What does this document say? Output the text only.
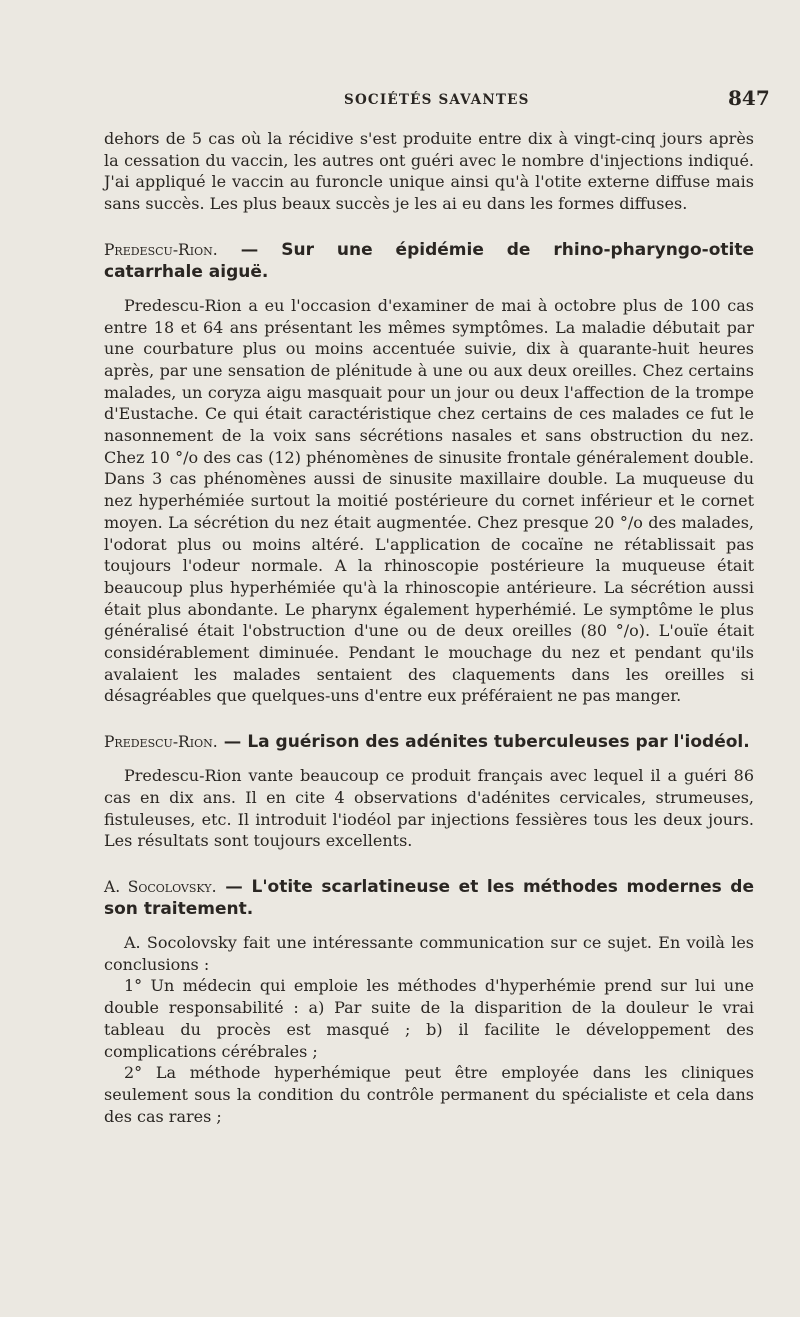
SOCIÉTÉS SAVANTES	847

dehors de 5 cas où la récidive s'est produite entre dix à vingt-cinq jours après la cessation du vaccin, les autres ont guéri avec le nombre d'injections indiqué. J'ai appliqué le vaccin au furoncle unique ainsi qu'à l'otite externe diffuse mais sans succès. Les plus beaux succès je les ai eu dans les formes diffuses.

Predescu-Rion. — Sur une épidémie de rhino-pharyngo-otite catarrhale aiguë.

Predescu-Rion a eu l'occasion d'examiner de mai à octobre plus de 100 cas entre 18 et 64 ans présentant les mêmes symptômes. La maladie débutait par une courbature plus ou moins accentuée suivie, dix à quarante-huit heures après, par une sensation de plénitude à une ou aux deux oreilles. Chez certains malades, un coryza aigu masquait pour un jour ou deux l'affection de la trompe d'Eustache. Ce qui était caractéristique chez certains de ces malades ce fut le nasonnement de la voix sans sécrétions nasales et sans obstruction du nez. Chez 10 °/o des cas (12) phénomènes de sinusite frontale généralement double. Dans 3 cas phénomènes aussi de sinusite maxillaire double. La muqueuse du nez hyperhémiée surtout la moitié postérieure du cornet inférieur et le cornet moyen. La sécrétion du nez était augmentée. Chez presque 20 °/o des malades, l'odorat plus ou moins altéré. L'application de cocaïne ne rétablissait pas toujours l'odeur normale. A la rhinoscopie postérieure la muqueuse était beaucoup plus hyperhémiée qu'à la rhinoscopie antérieure. La sécrétion aussi était plus abondante. Le pharynx également hyperhémié. Le symptôme le plus généralisé était l'obstruction d'une ou de deux oreilles (80 °/o). L'ouïe était considérablement diminuée. Pendant le mouchage du nez et pendant qu'ils avalaient les malades sentaient des claquements dans les oreilles si désagréables que quelques-uns d'entre eux préféraient ne pas manger.

Predescu-Rion. — La guérison des adénites tuberculeuses par l'iodéol.

Predescu-Rion vante beaucoup ce produit français avec lequel il a guéri 86 cas en dix ans. Il en cite 4 observations d'adénites cervicales, strumeuses, fistuleuses, etc. Il introduit l'iodéol par injections fessières tous les deux jours. Les résultats sont toujours excellents.

A. Socolovsky. — L'otite scarlatineuse et les méthodes modernes de son traitement.

A. Socolovsky fait une intéressante communication sur ce sujet. En voilà les conclusions :

1° Un médecin qui emploie les méthodes d'hyperhémie prend sur lui une double responsabilité : a) Par suite de la disparition de la douleur le vrai tableau du procès est masqué ; b) il facilite le développement des complications cérébrales ;

2° La méthode hyperhémique peut être employée dans les cliniques seulement sous la condition du contrôle permanent du spécialiste et cela dans des cas rares ;
